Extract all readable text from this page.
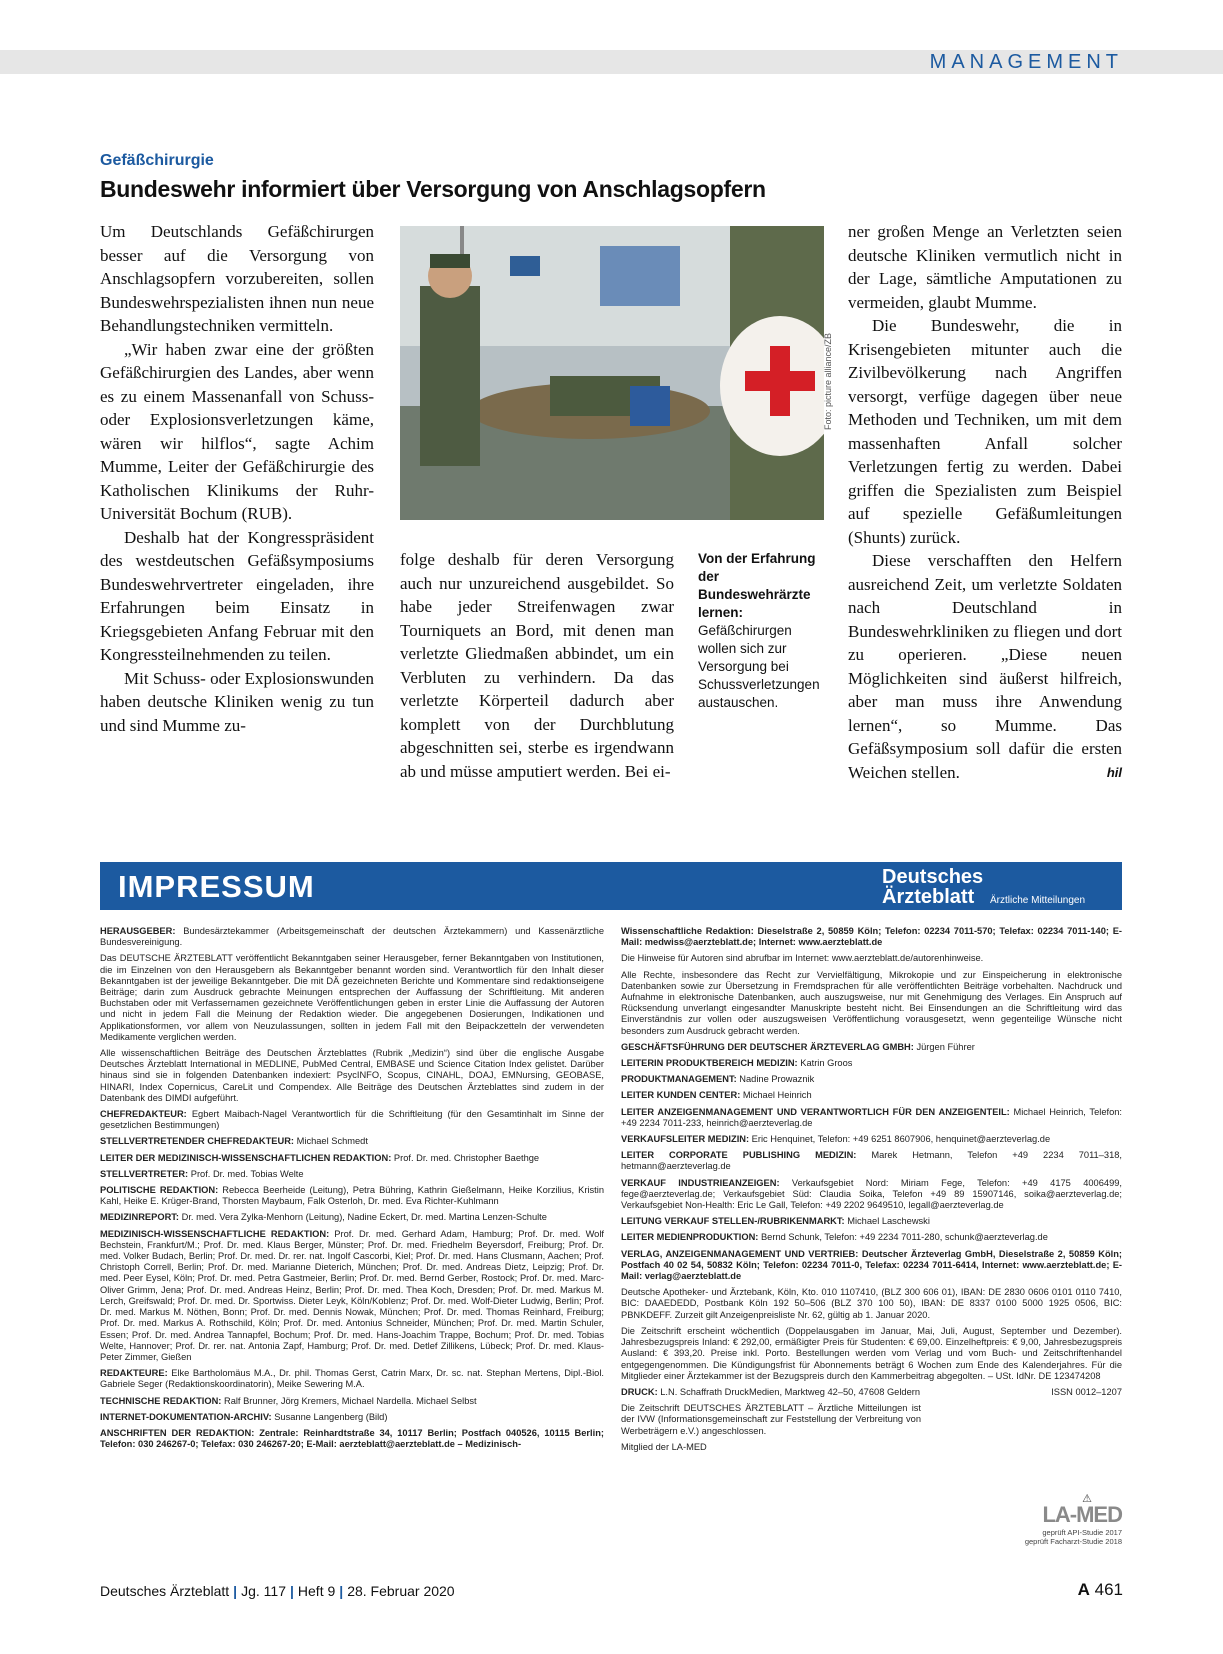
MANAGEMENT
Gefäßchirurgie
Bundeswehr informiert über Versorgung von Anschlagsopfern

Um Deutschlands Gefäßchirurgen besser auf die Versorgung von Anschlagsopfern vorzubereiten, sollen Bundeswehrspezialisten ihnen nun neue Behandlungstechniken vermitteln.

„Wir haben zwar eine der größten Gefäßchirurgien des Landes, aber wenn es zu einem Massenanfall von Schuss- oder Explosionsverletzungen käme, wären wir hilflos“, sagte Achim Mumme, Leiter der Gefäßchirurgie des Katholischen Klinikums der Ruhr-Universität Bochum (RUB).

Deshalb hat der Kongresspräsident des westdeutschen Gefäßsymposiums Bundeswehrvertreter eingeladen, ihre Erfahrungen beim Einsatz in Kriegsgebieten Anfang Februar mit den Kongressteilnehmenden zu teilen.

Mit Schuss- oder Explosionswunden haben deutsche Kliniken wenig zu tun und sind Mumme zu-

Foto: picture alliance/ZB

folge deshalb für deren Versorgung auch nur unzureichend ausgebildet. So habe jeder Streifenwagen zwar Tourniquets an Bord, mit denen man verletzte Gliedmaßen abbindet, um ein Verbluten zu verhindern. Da das verletzte Körperteil dadurch aber komplett von der Durchblutung abgeschnitten sei, sterbe es irgendwann ab und müsse amputiert werden. Bei ei-

Von der Erfahrung der Bundeswehrärzte lernen: Gefäßchirurgen wollen sich zur Versorgung bei Schussverletzungen austauschen.

ner großen Menge an Verletzten seien deutsche Kliniken vermutlich nicht in der Lage, sämtliche Amputationen zu vermeiden, glaubt Mumme.

Die Bundeswehr, die in Krisengebieten mitunter auch die Zivilbevölkerung nach Angriffen versorgt, verfüge dagegen über neue Methoden und Techniken, um mit dem massenhaften Anfall solcher Verletzungen fertig zu werden. Dabei griffen die Spezialisten zum Beispiel auf spezielle Gefäßumleitungen (Shunts) zurück.

Diese verschafften den Helfern ausreichend Zeit, um verletzte Soldaten nach Deutschland in Bundeswehrkliniken zu fliegen und dort zu operieren. „Diese neuen Möglichkeiten sind äußerst hilfreich, aber man muss ihre Anwendung lernen“, so Mumme. Das Gefäßsymposium soll dafür die ersten Weichen stellen.	hil

IMPRESSUM	Deutsches
Ärzteblatt Ärztliche Mitteilungen

HERAUSGEBER: Bundesärztekammer (Arbeitsgemeinschaft der deutschen Ärztekammern) und Kassenärztliche Bundesvereinigung.

Das DEUTSCHE ÄRZTEBLATT veröffentlicht Bekanntgaben seiner Herausgeber, ferner Bekanntgaben von Institutionen, die im Einzelnen von den Herausgebern als Bekanntgeber benannt worden sind. Verantwortlich für den Inhalt dieser Bekanntgaben ist der jeweilige Bekanntgeber. Die mit DÄ gezeichneten Berichte und Kommentare sind redaktionseigene Beiträge; darin zum Ausdruck gebrachte Meinungen entsprechen der Auffassung der Schriftleitung. Mit anderen Buchstaben oder mit Verfassernamen gezeichnete Veröffentlichungen geben in erster Linie die Auffassung der Autoren und nicht in jedem Fall die Meinung der Redaktion wieder. Die angegebenen Dosierungen, Indikationen und Applikationsformen, vor allem von Neuzulassungen, sollten in jedem Fall mit den Beipackzetteln der verwendeten Medikamente verglichen werden.

Alle wissenschaftlichen Beiträge des Deutschen Ärzteblattes (Rubrik „Medizin“) sind über die englische Ausgabe Deutsches Ärzteblatt International in MEDLINE, PubMed Central, EMBASE und Science Citation Index gelistet. Darüber hinaus sind sie in folgenden Datenbanken indexiert: PsycINFO, Scopus, CINAHL, DOAJ, EMNursing, GEOBASE, HINARI, Index Copernicus, CareLit und Compendex. Alle Beiträge des Deutschen Ärzteblattes sind zudem in der Datenbank des DIMDI aufgeführt.

CHEFREDAKTEUR: Egbert Maibach-Nagel Verantwortlich für die Schriftleitung (für den Gesamtinhalt im Sinne der gesetzlichen Bestimmungen)

STELLVERTRETENDER CHEFREDAKTEUR: Michael Schmedt

LEITER DER MEDIZINISCH-WISSENSCHAFTLICHEN REDAKTION: Prof. Dr. med. Christopher Baethge

STELLVERTRETER: Prof. Dr. med. Tobias Welte

POLITISCHE REDAKTION: Rebecca Beerheide (Leitung), Petra Bühring, Kathrin Gießelmann, Heike Korzilius, Kristin Kahl, Heike E. Krüger-Brand, Thorsten Maybaum, Falk Osterloh, Dr. med. Eva Richter-Kuhlmann

MEDIZINREPORT: Dr. med. Vera Zylka-Menhorn (Leitung), Nadine Eckert, Dr. med. Martina Lenzen-Schulte

MEDIZINISCH-WISSENSCHAFTLICHE REDAKTION: Prof. Dr. med. Gerhard Adam, Hamburg; Prof. Dr. med. Wolf Bechstein, Frankfurt/M.; Prof. Dr. med. Klaus Berger, Münster; Prof. Dr. med. Friedhelm Beyersdorf, Freiburg; Prof. Dr. med. Volker Budach, Berlin; Prof. Dr. med. Dr. rer. nat. Ingolf Cascorbi, Kiel; Prof. Dr. med. Hans Clusmann, Aachen; Prof. Christoph Correll, Berlin; Prof. Dr. med. Marianne Dieterich, München; Prof. Dr. med. Andreas Dietz, Leipzig; Prof. Dr. med. Peer Eysel, Köln; Prof. Dr. med. Petra Gastmeier, Berlin; Prof. Dr. med. Bernd Gerber, Rostock; Prof. Dr. med. Marc-Oliver Grimm, Jena; Prof. Dr. med. Andreas Heinz, Berlin; Prof. Dr. med. Thea Koch, Dresden; Prof. Dr. med. Markus M. Lerch, Greifswald; Prof. Dr. med. Dr. Sportwiss. Dieter Leyk, Köln/Koblenz; Prof. Dr. med. Wolf-Dieter Ludwig, Berlin; Prof. Dr. med. Markus M. Nöthen, Bonn; Prof. Dr. med. Dennis Nowak, München; Prof. Dr. med. Thomas Reinhard, Freiburg; Prof. Dr. med. Markus A. Rothschild, Köln; Prof. Dr. med. Antonius Schneider, München; Prof. Dr. med. Martin Schuler, Essen; Prof. Dr. med. Andrea Tannapfel, Bochum; Prof. Dr. med. Hans-Joachim Trappe, Bochum; Prof. Dr. med. Tobias Welte, Hannover; Prof. Dr. rer. nat. Antonia Zapf, Hamburg; Prof. Dr. med. Detlef Zillikens, Lübeck; Prof. Dr. med. Klaus-Peter Zimmer, Gießen

REDAKTEURE: Elke Bartholomäus M.A., Dr. phil. Thomas Gerst, Catrin Marx, Dr. sc. nat. Stephan Mertens, Dipl.-Biol. Gabriele Seger (Redaktionskoordinatorin), Meike Sewering M.A.

TECHNISCHE REDAKTION: Ralf Brunner, Jörg Kremers, Michael Nardella. Michael Selbst

INTERNET-DOKUMENTATION-ARCHIV: Susanne Langenberg (Bild)

ANSCHRIFTEN DER REDAKTION: Zentrale: Reinhardtstraße 34, 10117 Berlin; Postfach 040526, 10115 Berlin; Telefon: 030 246267-0; Telefax: 030 246267-20; E-Mail: aerzteblatt@aerzteblatt.de – Medizinisch-

Wissenschaftliche Redaktion: Dieselstraße 2, 50859 Köln; Telefon: 02234 7011-570; Telefax: 02234 7011-140; E-Mail: medwiss@aerzteblatt.de; Internet: www.aerzteblatt.de

Die Hinweise für Autoren sind abrufbar im Internet: www.aerzteblatt.de/autorenhinweise.

Alle Rechte, insbesondere das Recht zur Vervielfältigung, Mikrokopie und zur Einspeicherung in elektronische Datenbanken sowie zur Übersetzung in Fremdsprachen für alle veröffentlichten Beiträge vorbehalten. Nachdruck und Aufnahme in elektronische Datenbanken, auch auszugsweise, nur mit Genehmigung des Verlages. Ein Anspruch auf Rücksendung unverlangt eingesandter Manuskripte besteht nicht. Bei Einsendungen an die Schriftleitung wird das Einverständnis zur vollen oder auszugsweisen Veröffentlichung vorausgesetzt, wenn gegenteilige Wünsche nicht besonders zum Ausdruck gebracht werden.

GESCHÄFTSFÜHRUNG DER DEUTSCHER ÄRZTEVERLAG GMBH: Jürgen Führer

LEITERIN PRODUKTBEREICH MEDIZIN: Katrin Groos

PRODUKTMANAGEMENT: Nadine Prowaznik

LEITER KUNDEN CENTER: Michael Heinrich

LEITER ANZEIGENMANAGEMENT UND VERANTWORTLICH FÜR DEN ANZEIGENTEIL: Michael Heinrich, Telefon: +49 2234 7011-233, heinrich@aerzteverlag.de

VERKAUFSLEITER MEDIZIN: Eric Henquinet, Telefon: +49 6251 8607906, henquinet@aerzteverlag.de

LEITER CORPORATE PUBLISHING MEDIZIN: Marek Hetmann, Telefon +49 2234 7011–318, hetmann@aerzteverlag.de

VERKAUF INDUSTRIEANZEIGEN: Verkaufsgebiet Nord: Miriam Fege, Telefon: +49 4175 4006499, fege@aerzteverlag.de; Verkaufsgebiet Süd: Claudia Soika, Telefon +49 89 15907146, soika@aerzteverlag.de; Verkaufsgebiet Non-Health: Eric Le Gall, Telefon: +49 2202 9649510, legall@aerzteverlag.de

LEITUNG VERKAUF STELLEN-/RUBRIKENMARKT: Michael Laschewski

LEITER MEDIENPRODUKTION: Bernd Schunk, Telefon: +49 2234 7011-280, schunk@aerzteverlag.de

VERLAG, ANZEIGENMANAGEMENT UND VERTRIEB: Deutscher Ärzteverlag GmbH, Dieselstraße 2, 50859 Köln; Postfach 40 02 54, 50832 Köln; Telefon: 02234 7011-0, Telefax: 02234 7011-6414, Internet: www.aerzteblatt.de; E-Mail: verlag@aerzteblatt.de

Deutsche Apotheker- und Ärztebank, Köln, Kto. 010 1107410, (BLZ 300 606 01), IBAN: DE 2830 0606 0101 0110 7410, BIC: DAAEDEDD, Postbank Köln 192 50–506 (BLZ 370 100 50), IBAN: DE 8337 0100 5000 1925 0506, BIC: PBNKDEFF. Zurzeit gilt Anzeigenpreisliste Nr. 62, gültig ab 1. Januar 2020.

Die Zeitschrift erscheint wöchentlich (Doppelausgaben im Januar, Mai, Juli, August, September und Dezember). Jahresbezugspreis Inland: € 292,00, ermäßigter Preis für Studenten: € 69,00. Einzelheftpreis: € 9,00, Jahresbezugspreis Ausland: € 393,20. Preise inkl. Porto. Bestellungen werden vom Verlag und vom Buch- und Zeitschriftenhandel entgegengenommen. Die Kündigungsfrist für Abonnements beträgt 6 Wochen zum Ende des Kalenderjahres. Für die Mitglieder einer Ärztekammer ist der Bezugspreis durch den Kammerbeitrag abgegolten. – USt. IdNr. DE 123474208

DRUCK: L.N. Schaffrath DruckMedien, Marktweg 42–50, 47608 Geldern	ISSN 0012–1207

Die Zeitschrift DEUTSCHES ÄRZTEBLATT – Ärztliche Mitteilungen ist der IVW (Informationsgemeinschaft zur Feststellung der Verbreitung von Werbeträgern e.V.) angeschlossen.

Mitglied der LA-MED

⚠
LA-MED
geprüft API-Studie 2017
geprüft Facharzt-Studie 2018
Deutsches Ärzteblatt | Jg. 117 | Heft 9 | 28. Februar 2020	A 461
